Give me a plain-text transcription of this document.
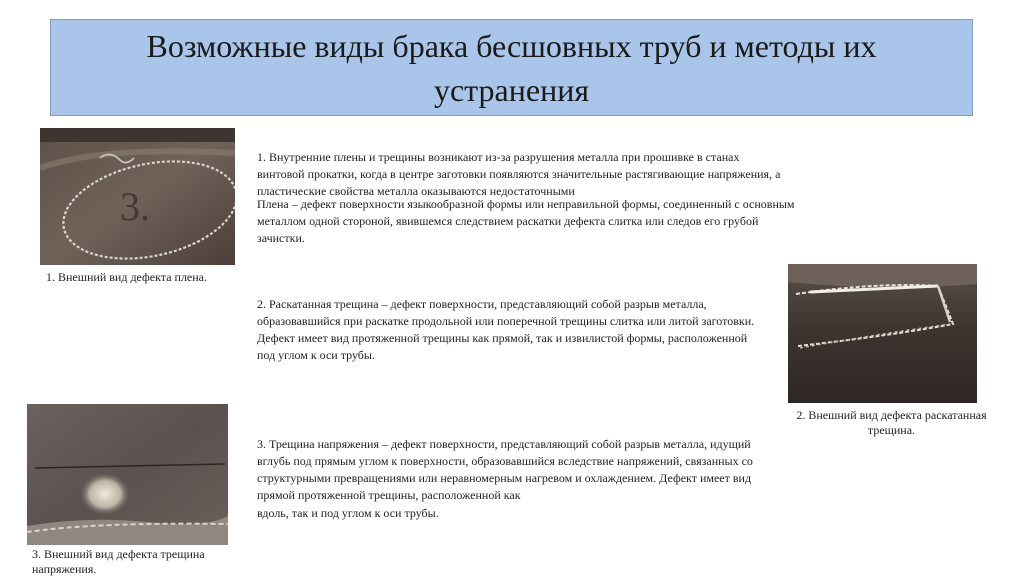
Возможные виды брака бесшовных труб и методы их устранения
3.
1. Внешний вид дефекта плена.
2. Внешний вид дефекта раскатанная трещина.
3. Внешний вид дефекта трещина напряжения.

1. Внутренние плены и трещины возникают из-за разрушения металла при прошивке в станах винтовой прокатки, когда в центре заготовки появляются значительные растягивающие напряжения, а пластические свойства металла оказываются недостаточными

Плена – дефект поверхности языкообразной формы или неправильной формы, соединенный с основным металлом одной стороной, явившемся следствием раскатки дефекта слитка или следов его грубой зачистки.

2. Раскатанная трещина – дефект поверхности, представляющий собой разрыв металла, образовавшийся при раскатке продольной или поперечной трещины слитка или литой заготовки. Дефект имеет вид протяженной трещины как прямой, так и извилистой формы, расположенной под углом к оси трубы.

3. Трещина напряжения – дефект поверхности, представляющий собой разрыв металла, идущий вглубь под прямым углом к поверхности, образовавшийся вследствие напряжений, связанных со структурными превращениями или неравномерным нагревом и охлаждением. Дефект имеет вид прямой протяженной трещины, расположенной как

вдоль, так и под углом к оси трубы.
